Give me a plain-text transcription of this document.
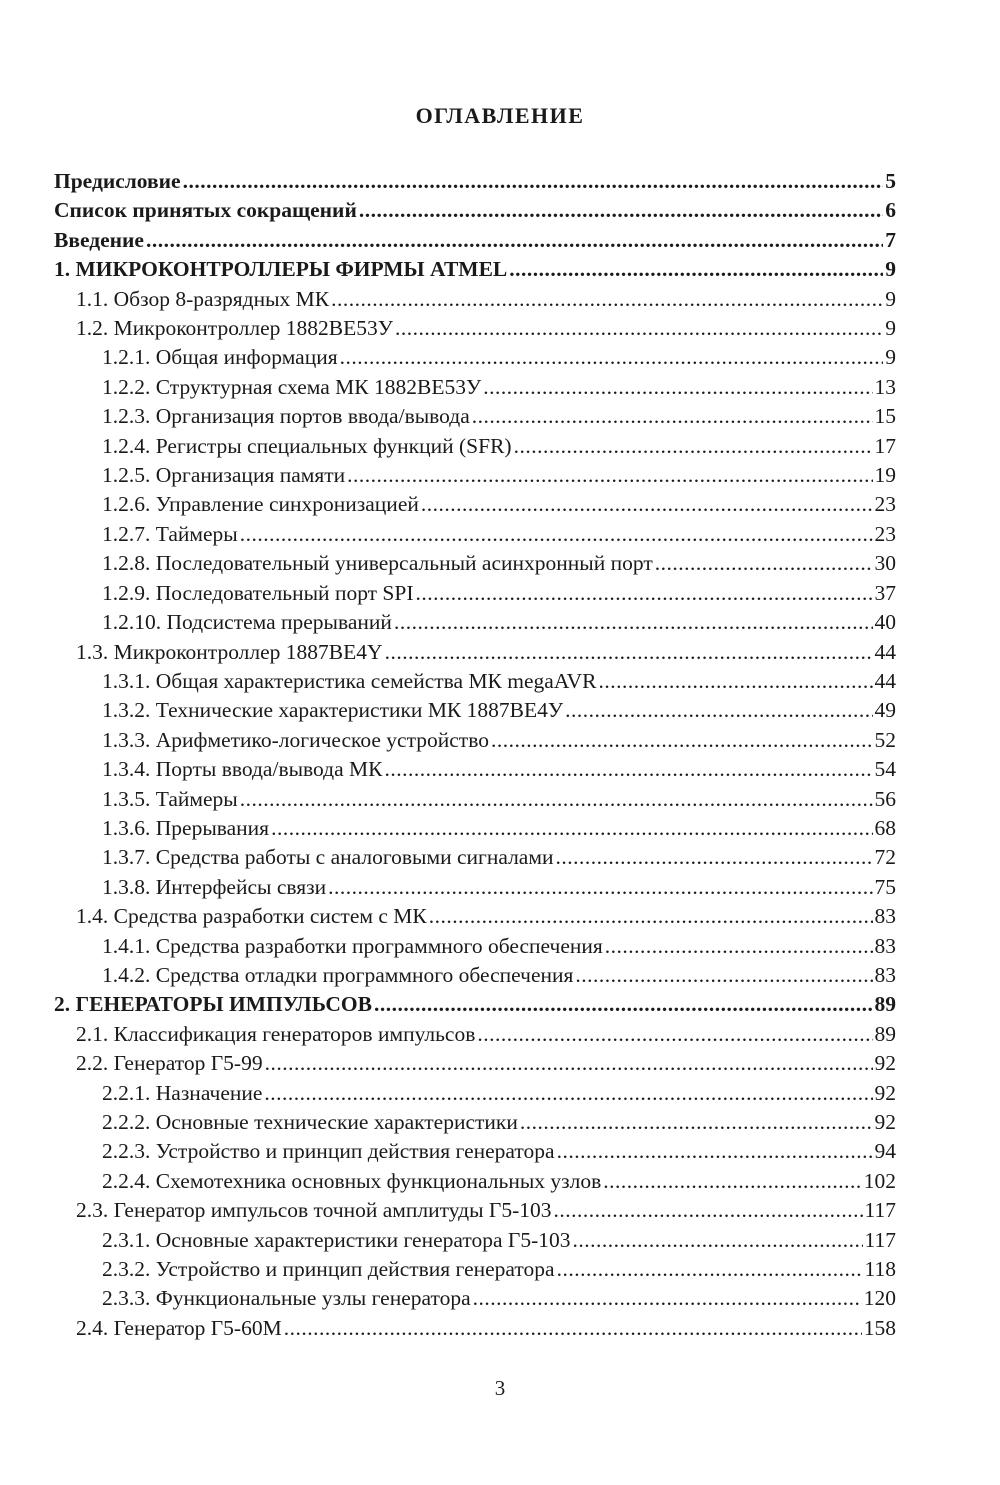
ОГЛАВЛЕНИЕ
Предисловие .....	5
Список принятых сокращений .....	6
Введение .....	7
1. МИКРОКОНТРОЛЛЕРЫ ФИРМЫ ATMEL .....	9
1.1. Обзор 8-разрядных МК .....	9
1.2. Микроконтроллер 1882ВЕ53У .....	9
1.2.1. Общая информация .....	9
1.2.2. Структурная схема МК 1882ВЕ53У .....	13
1.2.3. Организация портов ввода/вывода .....	15
1.2.4. Регистры специальных функций (SFR) .....	17
1.2.5. Организация памяти .....	19
1.2.6. Управление синхронизацией .....	23
1.2.7. Таймеры .....	23
1.2.8. Последовательный универсальный асинхронный порт .....	30
1.2.9. Последовательный порт SPI .....	37
1.2.10. Подсистема прерываний .....	40
1.3. Микроконтроллер 1887ВЕ4Y .....	44
1.3.1. Общая характеристика семейства МК megaAVR .....	44
1.3.2. Технические характеристики МК 1887ВЕ4У .....	49
1.3.3. Арифметико-логическое устройство .....	52
1.3.4. Порты ввода/вывода МК .....	54
1.3.5. Таймеры .....	56
1.3.6. Прерывания .....	68
1.3.7. Средства работы с аналоговыми сигналами .....	72
1.3.8. Интерфейсы связи .....	75
1.4. Средства разработки систем с МК .....	83
1.4.1. Средства разработки программного обеспечения .....	83
1.4.2. Средства отладки программного обеспечения .....	83
2. ГЕНЕРАТОРЫ ИМПУЛЬСОВ .....	89
2.1. Классификация генераторов импульсов .....	89
2.2. Генератор Г5-99 .....	92
2.2.1. Назначение .....	92
2.2.2. Основные технические характеристики .....	92
2.2.3. Устройство и принцип действия генератора .....	94
2.2.4. Схемотехника основных функциональных узлов .....	102
2.3. Генератор импульсов точной амплитуды Г5-103 .....	117
2.3.1. Основные характеристики генератора Г5-103 .....	117
2.3.2. Устройство и принцип действия генератора .....	118
2.3.3. Функциональные узлы генератора .....	120
2.4. Генератор Г5-60М .....	158
3
